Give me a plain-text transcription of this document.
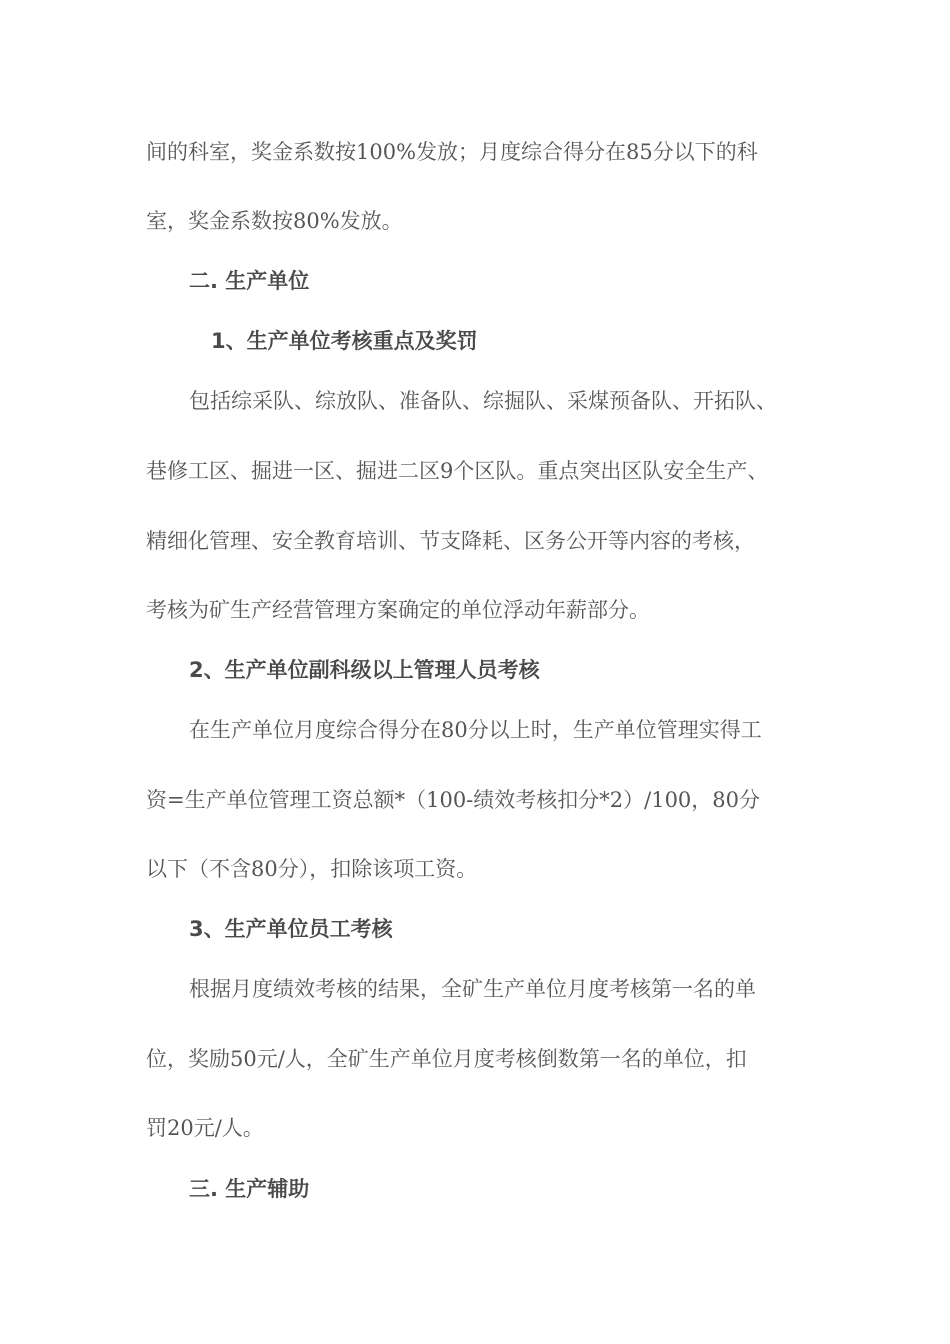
间的科室，奖金系数按100%发放；月度综合得分在85分以下的科
室，奖金系数按80%发放。
二. 生产单位
1、生产单位考核重点及奖罚
包括综采队、综放队、准备队、综掘队、采煤预备队、开拓队、
巷修工区、掘进一区、掘进二区9个区队。重点突出区队安全生产、
精细化管理、安全教育培训、节支降耗、区务公开等内容的考核，
考核为矿生产经营管理方案确定的单位浮动年薪部分。
2、生产单位副科级以上管理人员考核
在生产单位月度综合得分在80分以上时，生产单位管理实得工
资=生产单位管理工资总额*（100-绩效考核扣分*2）/100，80分
以下（不含80分），扣除该项工资。
3、生产单位员工考核
根据月度绩效考核的结果，全矿生产单位月度考核第一名的单
位，奖励50元/人，全矿生产单位月度考核倒数第一名的单位，扣
罚20元/人。
三. 生产辅助
